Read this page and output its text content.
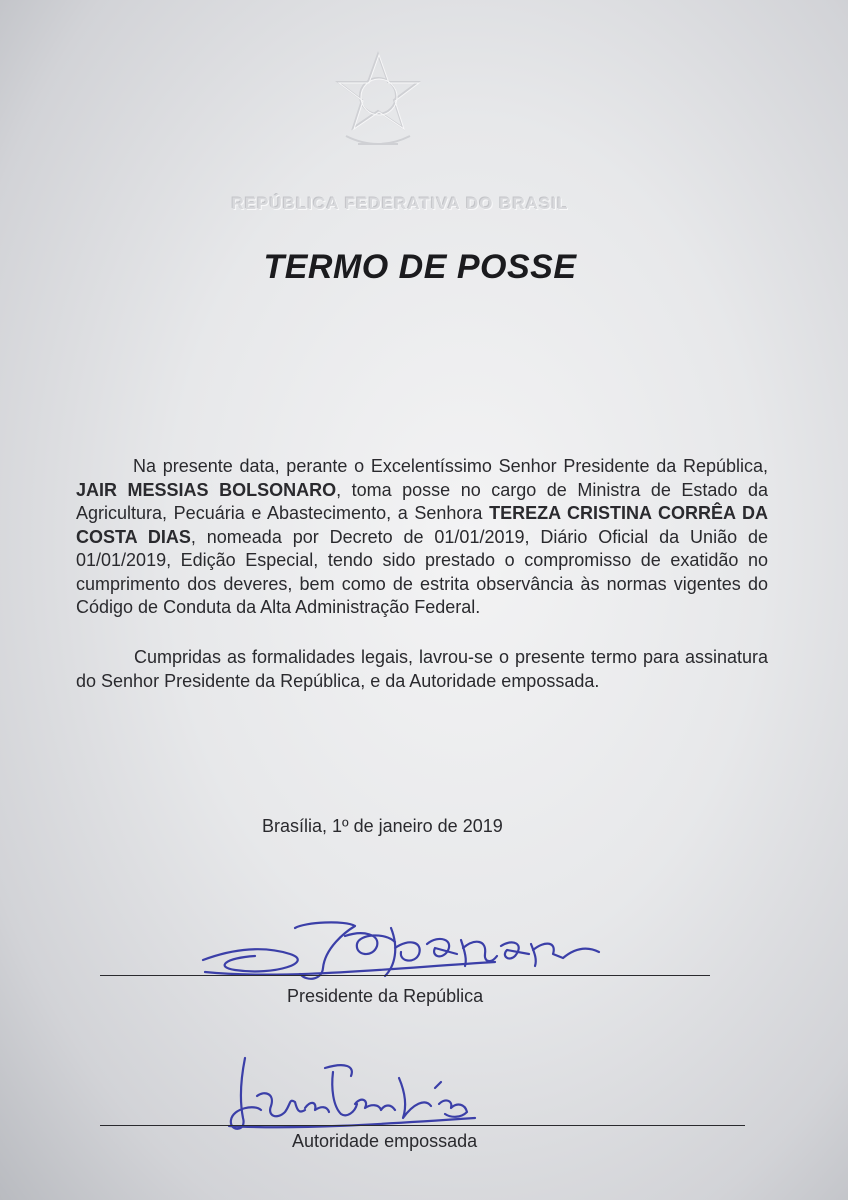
REPÚBLICA FEDERATIVA DO BRASIL
TERMO DE POSSE
Na presente data, perante o Excelentíssimo Senhor Presidente da República, JAIR MESSIAS BOLSONARO, toma posse no cargo de Ministra de Estado da Agricultura, Pecuária e Abastecimento, a Senhora TEREZA CRISTINA CORRÊA DA COSTA DIAS, nomeada por Decreto de 01/01/2019, Diário Oficial da União de 01/01/2019, Edição Especial, tendo sido prestado o compromisso de exatidão no cumprimento dos deveres, bem como de estrita observância às normas vigentes do Código de Conduta da Alta Administração Federal.
Cumpridas as formalidades legais, lavrou-se o presente termo para assinatura do Senhor Presidente da República, e da Autoridade empossada.
Brasília, 1º de janeiro de 2019
Presidente da República
Autoridade empossada
